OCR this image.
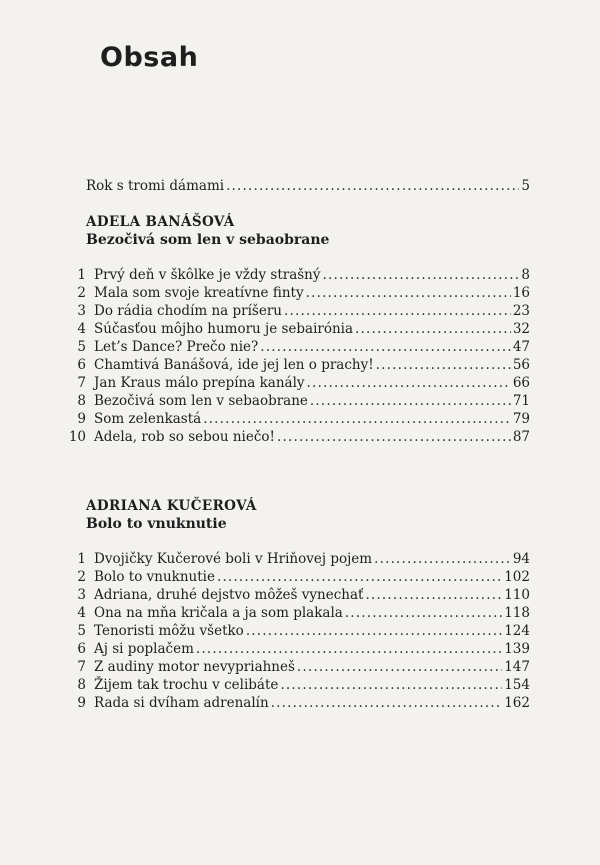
Obsah
Rok s tromi dámami .....	5
ADELA BANÁŠOVÁ
Bezočivá som len v sebaobrane
1 Prvý deň v škôlke je vždy strašný .....	8
2 Mala som svoje kreatívne finty .....	16
3 Do rádia chodím na príšeru .....	23
4 Súčasťou môjho humoru je sebairónia .....	32
5 Let’s Dance? Prečo nie? .....	47
6 Chamtivá Banášová, ide jej len o prachy! .....	56
7 Jan Kraus málo prepína kanály .....	66
8 Bezočivá som len v sebaobrane .....	71
9 Som zelenkastá .....	79
10 Adela, rob so sebou niečo! .....	87
ADRIANA KUČEROVÁ
Bolo to vnuknutie
1 Dvojičky Kučerové boli v Hriňovej pojem .....	94
2 Bolo to vnuknutie .....	102
3 Adriana, druhé dejstvo môžeš vynechať .....	110
4 Ona na mňa kričala a ja som plakala .....	118
5 Tenoristi môžu všetko .....	124
6 Aj si poplačem .....	139
7 Z audiny motor nevypriahneš .....	147
8 Žijem tak trochu v celibáte .....	154
9 Rada si dvíham adrenalín .....	162
